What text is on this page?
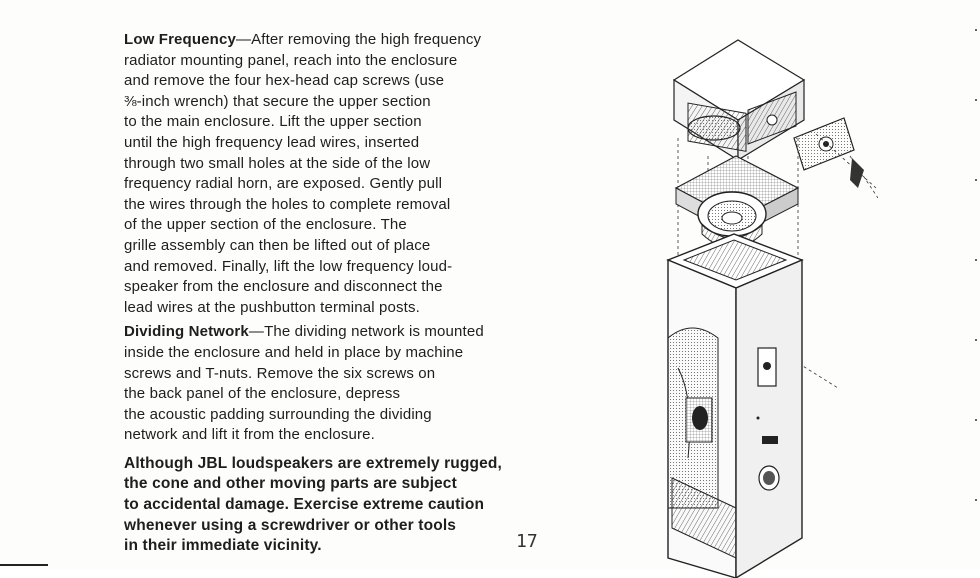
Low Frequency—After removing the high frequency
radiator mounting panel, reach into the enclosure
and remove the four hex-head cap screws (use
⅜-inch wrench) that secure the upper section
to the main enclosure. Lift the upper section
until the high frequency lead wires, inserted
through two small holes at the side of the low
frequency radial horn, are exposed. Gently pull
the wires through the holes to complete removal
of the upper section of the enclosure. The
grille assembly can then be lifted out of place
and removed. Finally, lift the low frequency loud-
speaker from the enclosure and disconnect the
lead wires at the pushbutton terminal posts.

Dividing Network—The dividing network is mounted
inside the enclosure and held in place by machine
screws and T-nuts. Remove the six screws on
the back panel of the enclosure, depress
the acoustic padding surrounding the dividing
network and lift it from the enclosure.

Although JBL loudspeakers are extremely rugged,
the cone and other moving parts are subject
to accidental damage. Exercise extreme caution
whenever using a screwdriver or other tools
in their immediate vicinity.	17
